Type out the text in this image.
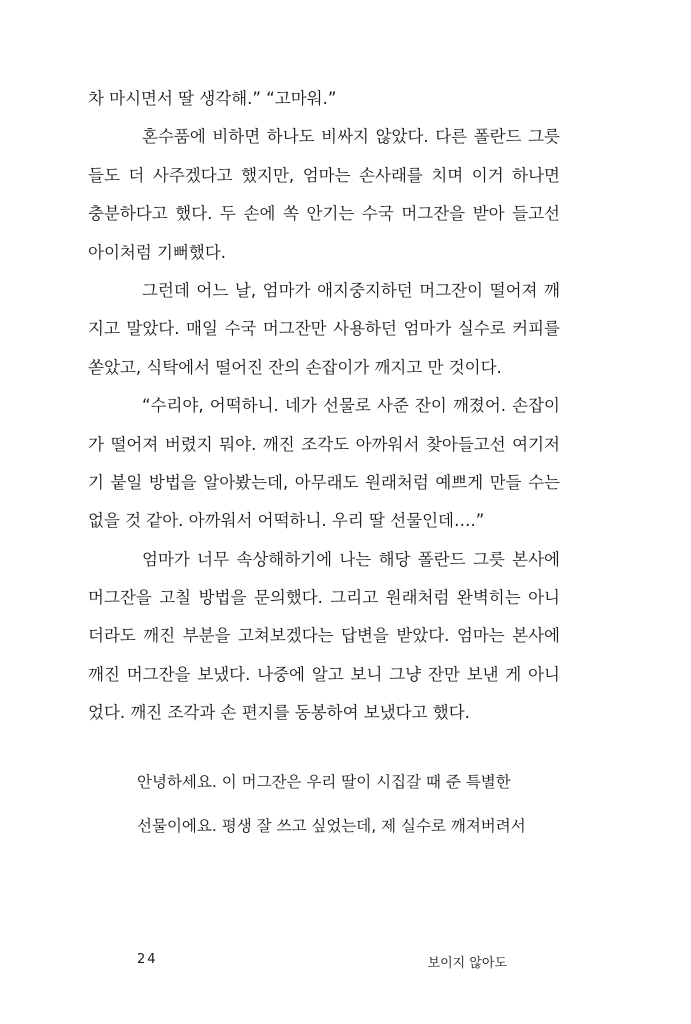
차 마시면서 딸 생각해.” “고마워.”
혼수품에 비하면 하나도 비싸지 않았다. 다른 폴란드 그릇
들도 더 사주겠다고 했지만, 엄마는 손사래를 치며 이거 하나면
충분하다고 했다. 두 손에 쏙 안기는 수국 머그잔을 받아 들고선
아이처럼 기뻐했다.
그런데 어느 날, 엄마가 애지중지하던 머그잔이 떨어져 깨
지고 말았다. 매일 수국 머그잔만 사용하던 엄마가 실수로 커피를
쏟았고, 식탁에서 떨어진 잔의 손잡이가 깨지고 만 것이다.
“수리야, 어떡하니. 네가 선물로 사준 잔이 깨졌어. 손잡이
가 떨어져 버렸지 뭐야. 깨진 조각도 아까워서 찾아들고선 여기저
기 붙일 방법을 알아봤는데, 아무래도 원래처럼 예쁘게 만들 수는
없을 것 같아. 아까워서 어떡하니. 우리 딸 선물인데….”
엄마가 너무 속상해하기에 나는 해당 폴란드 그릇 본사에
머그잔을 고칠 방법을 문의했다. 그리고 원래처럼 완벽히는 아니
더라도 깨진 부분을 고쳐보겠다는 답변을 받았다. 엄마는 본사에
깨진 머그잔을 보냈다. 나중에 알고 보니 그냥 잔만 보낸 게 아니
었다. 깨진 조각과 손 편지를 동봉하여 보냈다고 했다.
안녕하세요. 이 머그잔은 우리 딸이 시집갈 때 준 특별한
선물이에요. 평생 잘 쓰고 싶었는데, 제 실수로 깨져버려서
24	보이지 않아도
